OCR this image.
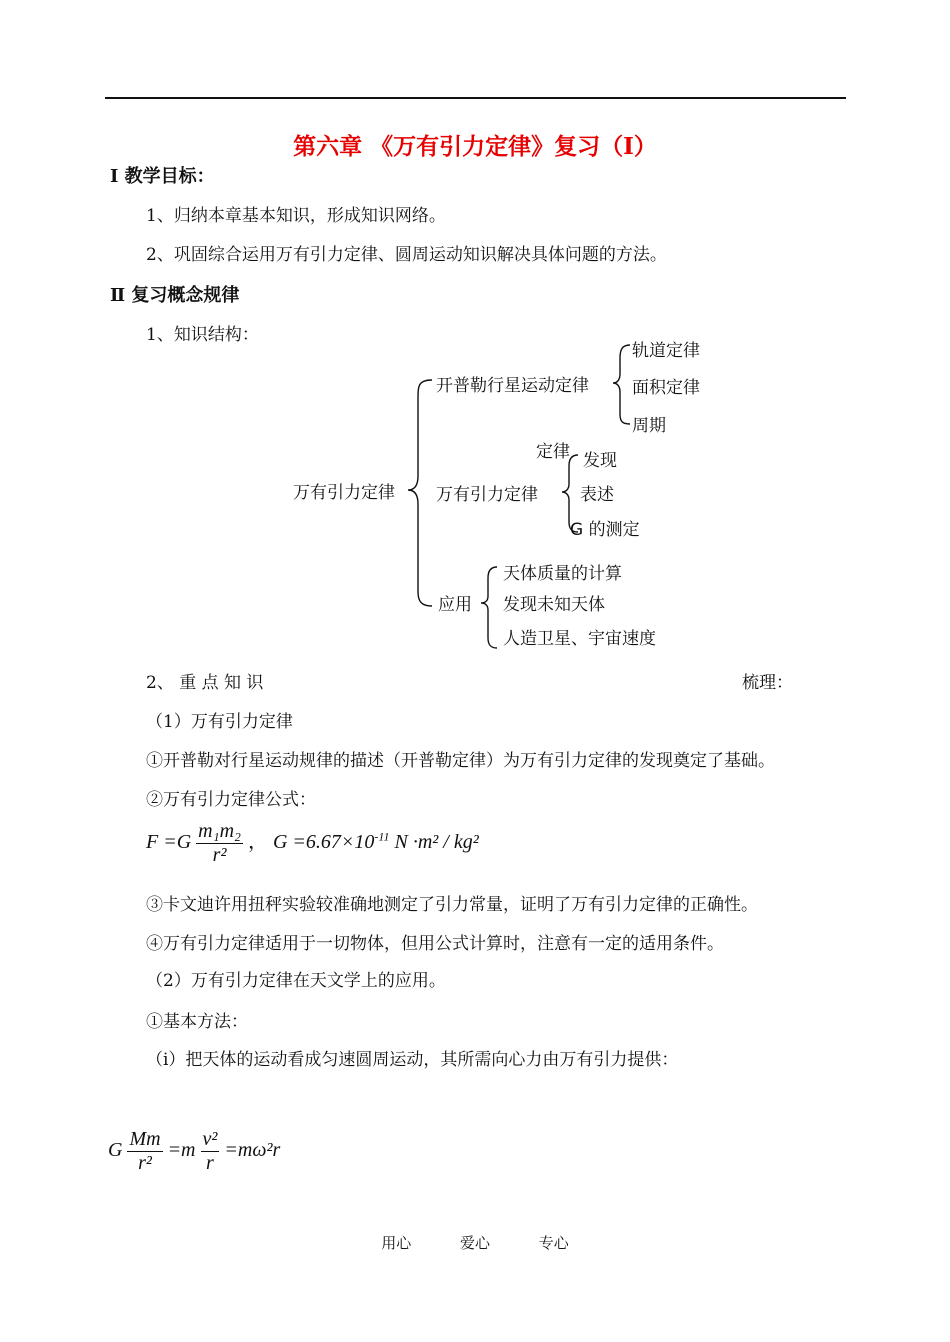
第六章 《万有引力定律》复习（Ⅰ）
Ⅰ 教学目标：
1、归纳本章基本知识，形成知识网络。
2、巩固综合运用万有引力定律、圆周运动知识解决具体问题的方法。
Ⅱ 复习概念规律
1、知识结构：
万有引力定律
开普勒行星运动定律
轨道定律
面积定律
周期
定律
万有引力定律
发现
表述
G 的测定
应用
天体质量的计算
发现未知天体
人造卫星、宇宙速度
2、 重 点 知 识	梳理：
（1）万有引力定律
①开普勒对行星运动规律的描述（开普勒定律）为万有引力定律的发现奠定了基础。
②万有引力定律公式：
$F =G \frac{\text{m₁m₂}}{\text{r²}}$ ， $G =6.67\times 10^{-11}$ N ·m² / kg²
③卡文迪许用扭秤实验较准确地测定了引力常量，证明了万有引力定律的正确性。
④万有引力定律适用于一切物体，但用公式计算时，注意有一定的适用条件。
（2）万有引力定律在天文学上的应用。
①基本方法：
（i）把天体的运动看成匀速圆周运动，其所需向心力由万有引力提供：
G $\frac{Mm}{\text{r²}} =m \frac{\text{v²}}{r} =m\omega^2r$
用心	爱心	专心
